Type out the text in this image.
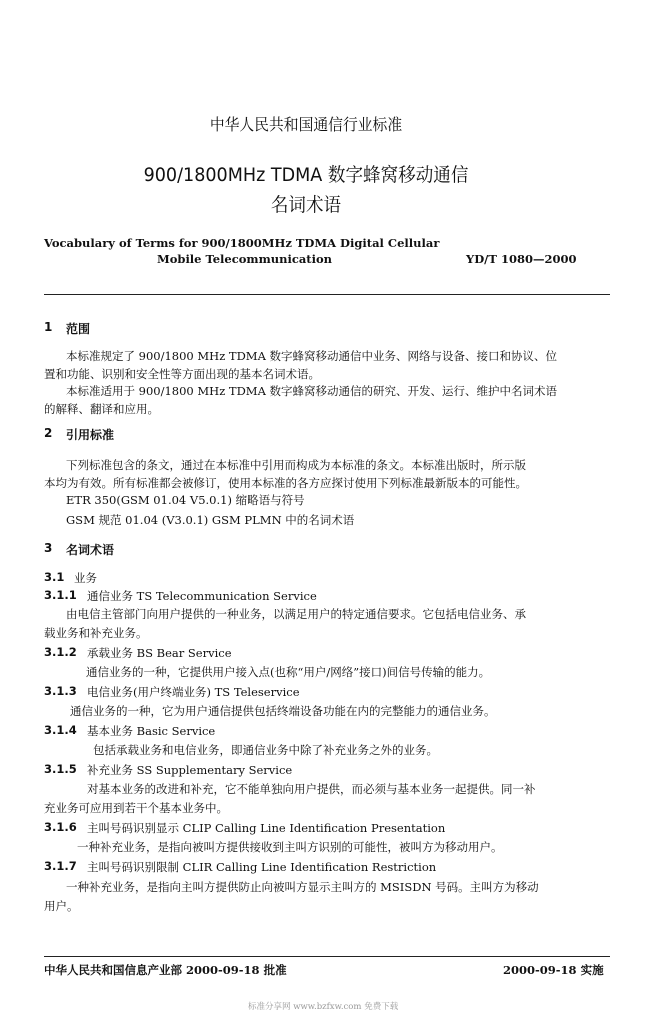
中华人民共和国通信行业标准
900/1800MHz TDMA 数字蜂窝移动通信
名词术语
Vocabulary of Terms for 900/1800MHz TDMA Digital Cellular
Mobile Telecommunication	YD/T 1080—2000
1 范围
本标准规定了 900/1800 MHz TDMA 数字蜂窝移动通信中业务、网络与设备、接口和协议、位
置和功能、识别和安全性等方面出现的基本名词术语。
本标准适用于 900/1800 MHz TDMA 数字蜂窝移动通信的研究、开发、运行、维护中名词术语
的解释、翻译和应用。
2 引用标准
下列标准包含的条文，通过在本标准中引用而构成为本标准的条文。本标准出版时，所示版
本均为有效。所有标准都会被修订，使用本标准的各方应探讨使用下列标准最新版本的可能性。
ETR 350(GSM 01.04 V5.0.1) 缩略语与符号
GSM 规范 01.04 (V3.0.1) GSM PLMN 中的名词术语
3 名词术语
3.1 业务
3.1.1 通信业务 TS Telecommunication Service
由电信主管部门向用户提供的一种业务，以满足用户的特定通信要求。它包括电信业务、承
载业务和补充业务。
3.1.2 承载业务 BS Bear Service
通信业务的一种，它提供用户接入点(也称“用户/网络”接口)间信号传输的能力。
3.1.3 电信业务(用户终端业务) TS Teleservice
通信业务的一种，它为用户通信提供包括终端设备功能在内的完整能力的通信业务。
3.1.4 基本业务 Basic Service
包括承载业务和电信业务，即通信业务中除了补充业务之外的业务。
3.1.5 补充业务 SS Supplementary Service
对基本业务的改进和补充，它不能单独向用户提供，而必须与基本业务一起提供。同一补
充业务可应用到若干个基本业务中。
3.1.6 主叫号码识别显示 CLIP Calling Line Identification Presentation
一种补充业务，是指向被叫方提供接收到主叫方识别的可能性，被叫方为移动用户。
3.1.7 主叫号码识别限制 CLIR Calling Line Identification Restriction
一种补充业务，是指向主叫方提供防止向被叫方显示主叫方的 MSISDN 号码。主叫方为移动
用户。
中华人民共和国信息产业部 2000-09-18 批准	2000-09-18 实施
标准分享网 www.bzfxw.com 免费下载
